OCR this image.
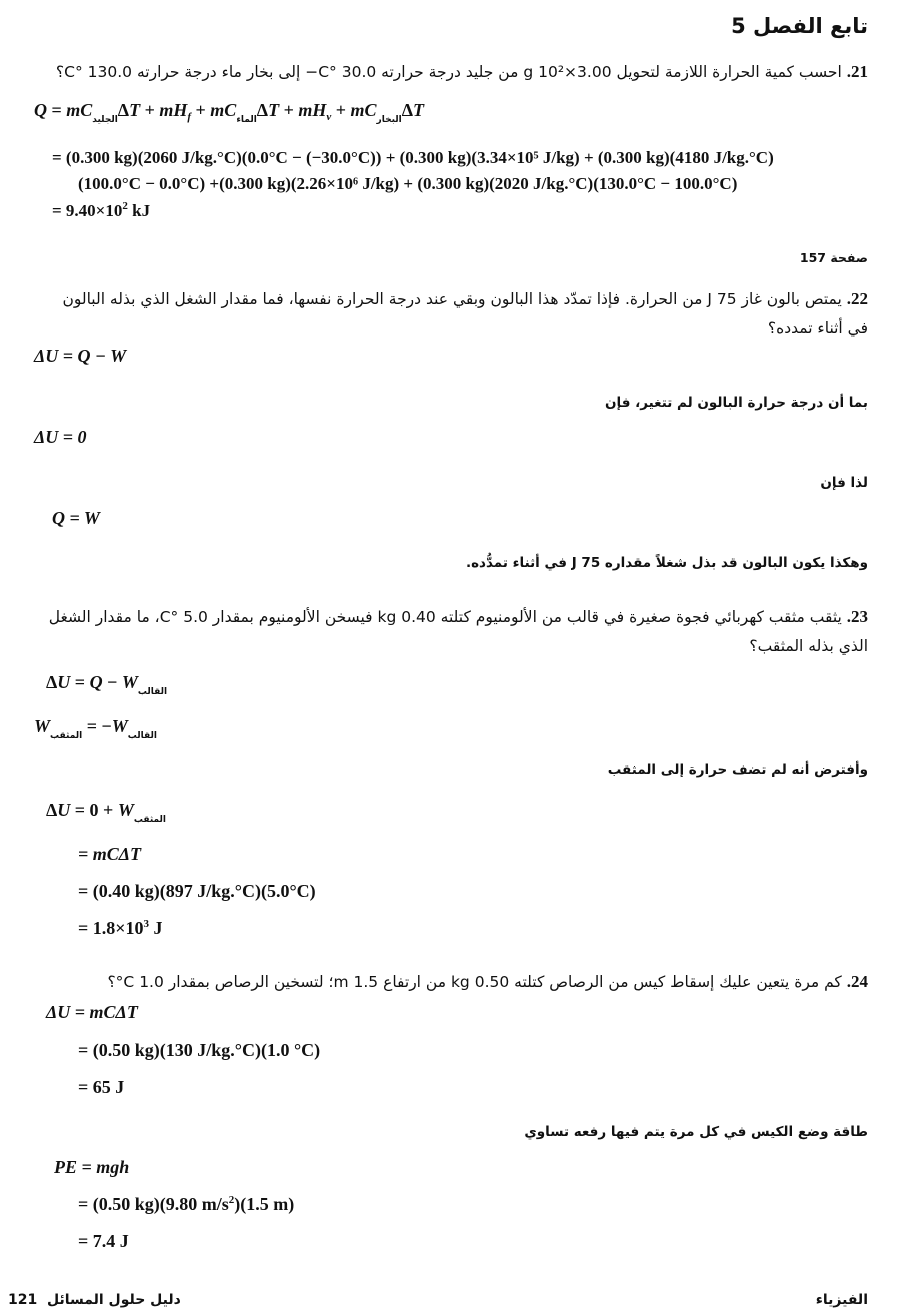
تابع الفصل 5
21. احسب كمية الحرارة اللازمة لتحويل 3.00×10² g من جليد درجة حرارته 30.0 °C− إلى بخار ماء درجة حرارته 130.0 °C؟
$Q = mC_{الجليد}\Delta T + mH_f + mC_{الماء}\Delta T + mH_v + mC_{البخار}\Delta T$
= (0.300 kg)(2060 J/kg.°C)(0.0°C − (−30.0°C)) + (0.300 kg)(3.34×10⁵ J/kg) + (0.300 kg)(4180 J/kg.°C)
(100.0°C − 0.0°C) +(0.300 kg)(2.26×10⁶ J/kg) + (0.300 kg)(2020 J/kg.°C)(130.0°C − 100.0°C)
= $9.40\times 10^2$ kJ
صفحة 157
22. يمتص بالون غاز 75 J من الحرارة. فإذا تمدّد هذا البالون وبقي عند درجة الحرارة نفسها، فما مقدار الشغل الذي بذله البالون
في أثناء تمدده؟
ΔU = Q − W
بما أن درجة حرارة البالون لم تتغير، فإن
ΔU = 0
لذا فإن
Q = W
وهكذا يكون البالون قد بذل شغلاً مقداره 75 J في أثناء تمدُّده.
23. يثقب مثقب كهربائي فجوة صغيرة في قالب من الألومنيوم كتلته 0.40 kg فيسخن الألومنيوم بمقدار 5.0 °C، ما مقدار الشغل
الذي بذله المثقب؟
$\Delta U = Q - W_{القالب}$
$W_{المثقب} = -W_{القالب}$
وأفترض أنه لم تضف حرارة إلى المثقب
$\Delta U = 0 + W_{المثقب}$
= mCΔT
= (0.40 kg)(897 J/kg.°C)(5.0°C)
= $1.8\times 10^3$ J
24. كم مرة يتعين عليك إسقاط كيس من الرصاص كتلته 0.50 kg من ارتفاع 1.5 m؛ لتسخين الرصاص بمقدار 1.0 C°؟
ΔU = mCΔT
= (0.50 kg)(130 J/kg.°C)(1.0 °C)
= 65 J
طاقة وضع الكيس في كل مرة يتم فيها رفعه تساوي
PE = mgh
= (0.50 kg)(9.80 $m/s^2)(1.5$ m)
= 7.4 J
دليل حلول المسائل  121	الفيزياء
